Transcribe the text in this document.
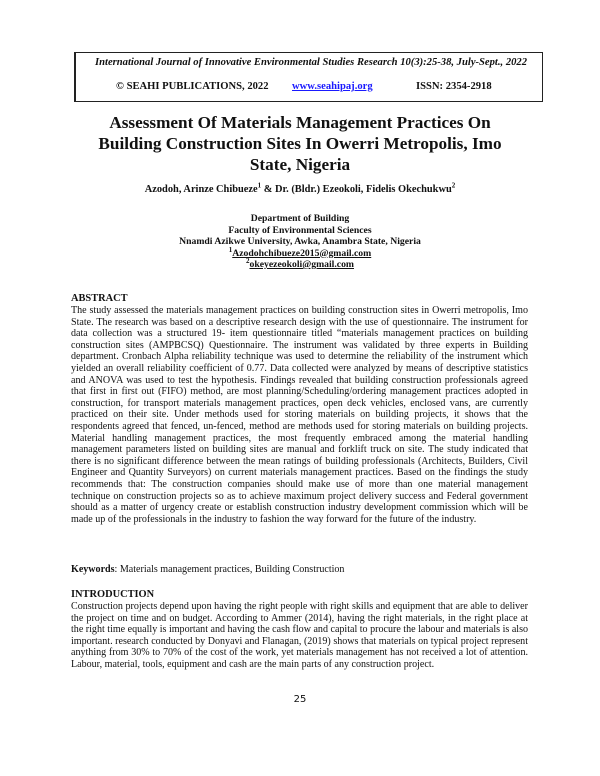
International Journal of Innovative Environmental Studies Research 10(3):25-38, July-Sept., 2022
© SEAHI PUBLICATIONS, 2022 www.seahipaj.org	ISSN: 2354-2918
Assessment Of Materials Management Practices On Building Construction Sites In Owerri Metropolis, Imo State, Nigeria
Azodoh, Arinze Chibueze$^1$ & Dr. (Bldr.) Ezeokoli, Fidelis Okechukwu$^2$
Department of Building
Faculty of Environmental Sciences
Nnamdi Azikwe University, Awka, Anambra State, Nigeria
$^1$Azodohchibueze2015@gmail.com
$^2$okeyezeokoli@gmail.com
ABSTRACT
The study assessed the materials management practices on building construction sites in Owerri metropolis, Imo State. The research was based on a descriptive research design with the use of questionnaire. The instrument for data collection was a structured 19- item questionnaire titled “materials management practices on building construction sites (AMPBCSQ) Questionnaire. The instrument was validated by three experts in Building department. Cronbach Alpha reliability technique was used to determine the reliability of the instrument which yielded an overall reliability coefficient of 0.77. Data collected were analyzed by means of descriptive statistics and ANOVA was used to test the hypothesis. Findings revealed that building construction professionals agreed that first in first out (FIFO) method, are most planning/Scheduling/ordering management practices adopted in construction, for transport materials management practices, open deck vehicles, enclosed vans, are currently practiced on their site. Under methods used for storing materials on building projects, it shows that the respondents agreed that fenced, un-fenced, method are methods used for storing materials on building projects. Material handling management practices, the most frequently embraced among the material handling management parameters listed on building sites are manual and forklift truck on site. The study indicated that there is no significant difference between the mean ratings of building professionals (Architects, Builders, Civil Engineer and Quantity Surveyors) on current materials management practices. Based on the findings the study recommends that: The construction companies should make use of more than one material management technique on construction projects so as to achieve maximum project delivery success and Federal government should as a matter of urgency create or establish construction industry development commission which will be made up of the professionals in the industry to fashion the way forward for the future of the industry.
Keywords: Materials management practices, Building Construction
INTRODUCTION
Construction projects depend upon having the right people with right skills and equipment that are able to deliver the project on time and on budget. According to Ammer (2014), having the right materials, in the right place at the right time equally is important and having the cash flow and capital to procure the labour and materials is also important. research conducted by Donyavi and Flanagan, (2019) shows that materials on typical project represent anything from 30% to 70% of the cost of the work, yet materials management has not received a lot of attention. Labour, material, tools, equipment and cash are the main parts of any construction project.
25
